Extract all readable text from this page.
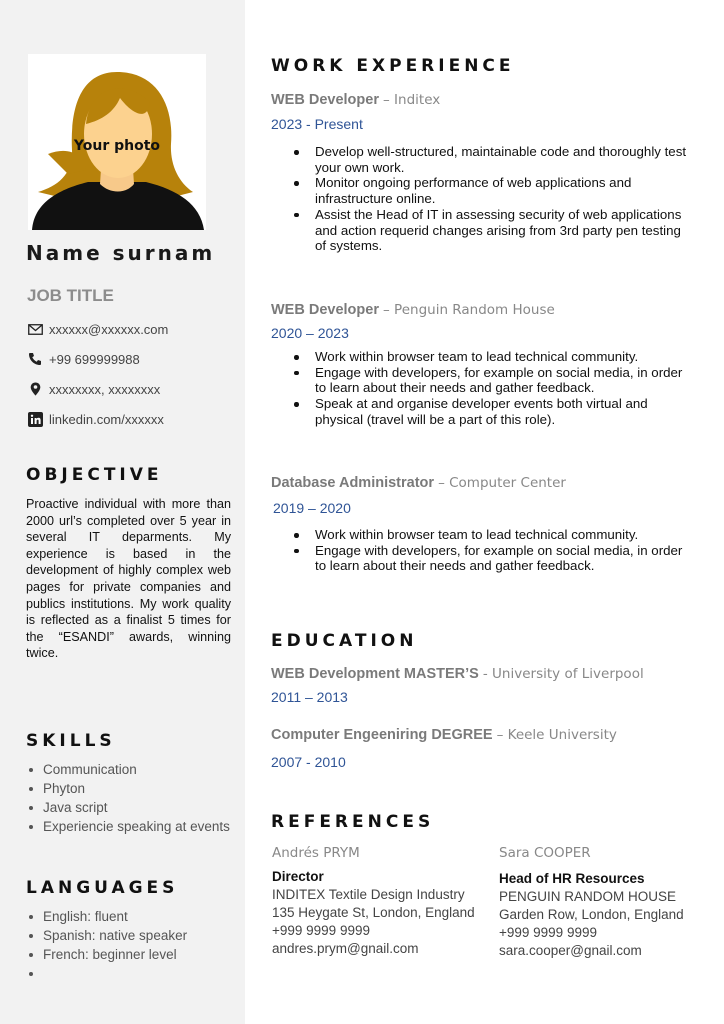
Your photo
Name surnam
JOB TITLE
xxxxxx@xxxxxx.com
+99 699999988
xxxxxxxx, xxxxxxxx
linkedin.com/xxxxxx
OBJECTIVE
Proactive individual with more than 2000 url’s completed over 5 year in several IT deparments. My experience is based in the development of highly complex web pages for private companies and publics institutions. My work quality is reflected as a finalist 5 times for the “ESANDI” awards, winning twice.
SKILLS
Communication
Phyton
Java script
Experiencie speaking at events
LANGUAGES
English: fluent
Spanish: native speaker
French: beginner level
WORK EXPERIENCE
WEB Developer – Inditex
2023 - Present
Develop well-structured, maintainable code and thoroughly test your own work.
Monitor ongoing performance of web applications and infrastructure online.
Assist the Head of IT in assessing security of web applications and action requerid changes arising from 3rd party pen testing of systems.
WEB Developer – Penguin Random House
2020 – 2023
Work within browser team to lead technical community.
Engage with developers, for example on social media, in order to learn about their needs and gather feedback.
Speak at and organise developer events both virtual and physical (travel will be a part of this role).
Database Administrator – Computer Center
2019 – 2020
Work within browser team to lead technical community.
Engage with developers, for example on social media, in order to learn about their needs and gather feedback.
EDUCATION
WEB Development MASTER’S - University of Liverpool
2011 – 2013
Computer Engeeniring DEGREE – Keele University
2007 - 2010
REFERENCES
Andrés PRYM
Director
INDITEX Textile Design Industry
135 Heygate St, London, England
+999 9999 9999
andres.prym@gnail.com
Sara COOPER
Head of HR Resources
PENGUIN RANDOM HOUSE
Garden Row, London, England
+999 9999 9999
sara.cooper@gnail.com
